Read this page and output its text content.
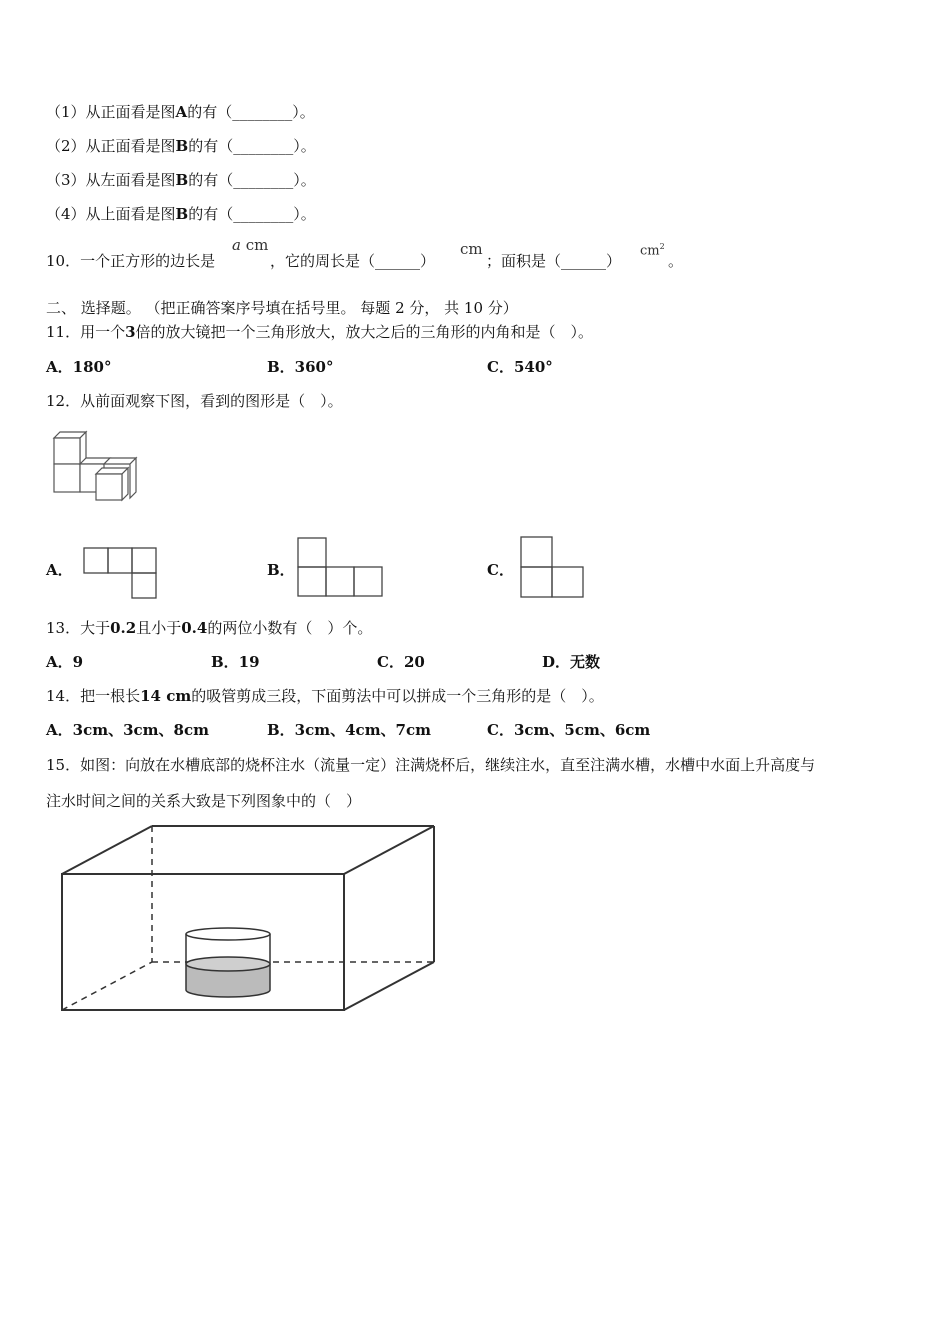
（1）从正面看是图A的有（________）。
（2）从正面看是图B的有（________）。
（3）从左面看是图B的有（________）。
（4）从上面看是图B的有（________）。
10．一个正方形的边长是
a cm
，它的周长是（______）
cm
；面积是（______）
$cm^2$
。
二、 选择题。 （把正确答案序号填在括号里。 每题 2 分， 共 10 分）
11．用一个3倍的放大镜把一个三角形放大，放大之后的三角形的内角和是（　）。
A．180°	B．360°	C．540°
12．从前面观察下图，看到的图形是（　）。
A．	B．	C．
13．大于0.2且小于0.4的两位小数有（　）个。
A．9	B．19	C．20	D．无数
14．把一根长14 cm的吸管剪成三段，下面剪法中可以拼成一个三角形的是（　）。
A．3cm、3cm、8cm	B．3cm、4cm、7cm	C．3cm、5cm、6cm
15．如图：向放在水槽底部的烧杯注水（流量一定）注满烧杯后，继续注水，直至注满水槽，水槽中水面上升高度与
注水时间之间的关系大致是下列图象中的（　）
